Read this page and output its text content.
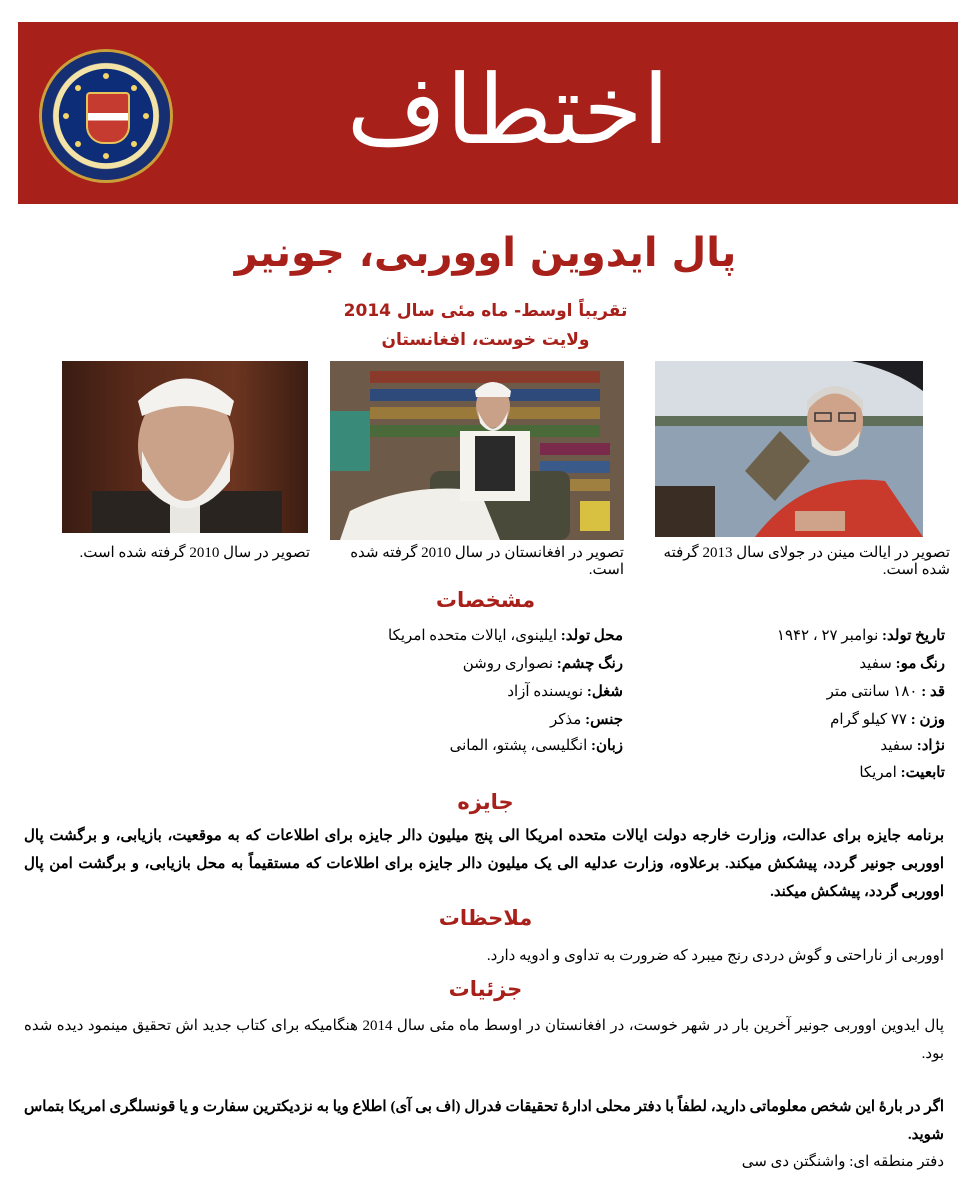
اختطاف
پال ایدوین اووربی، جونیر
تقریباً اوسط- ماه مئی سال 2014
ولایت خوست، افغانستان
تصویر در سال 2010 گرفته شده است.	تصویر در افغانستان در سال 2010 گرفته شده است.
تصویر در ایالت مینن در جولای سال 2013 گرفته شده است.
مشخصات
تاریخ تولد: نوامبر ۲۷ ، ۱۹۴۲
رنگ مو: سفید
قد : ۱۸۰ سانتی متر
وزن : ۷۷ کیلو گرام
نژاد: سفید
تابعیت: امریکا
محل تولد: ایلینوی، ایالات متحده امریکا
رنگ چشم: نصواری روشن
شغل: نویسنده آزاد
جنس: مذکر
زبان: انگلیسی، پشتو، المانی
جایزه
برنامه جایزه برای عدالت، وزارت خارجه دولت ایالات متحده امریکا الی پنج میلیون دالر جایزه برای اطلاعات که به موقعیت، بازیابی، و برگشت پال اووربی جونیر گردد، پیشکش میکند. برعلاوه، وزارت عدلیه الی یک میلیون دالر جایزه برای اطلاعات که مستقیماً به محل بازیابی، و برگشت امن پال اووربی گردد، پیشکش میکند.
ملاحظات
اووربی از ناراحتی و گوش دردی رنج میبرد که ضرورت به تداوی و ادویه دارد.
جزئیات
پال ایدوین اووربی جونیر آخرین بار در شهر خوست، در افغانستان در اوسط ماه مئی سال 2014 هنگامیکه برای کتاب جدید اش تحقیق مینمود دیده شده بود.
اگر در بارهٔ این شخص معلوماتی دارید، لطفاً با دفتر محلی ادارهٔ تحقیقات فدرال (اف بی آی) اطلاع ویا به نزدیکترین سفارت و یا قونسلگری امریکا بتماس شوید.
دفتر منطقه ای: واشنگتن دی سی
